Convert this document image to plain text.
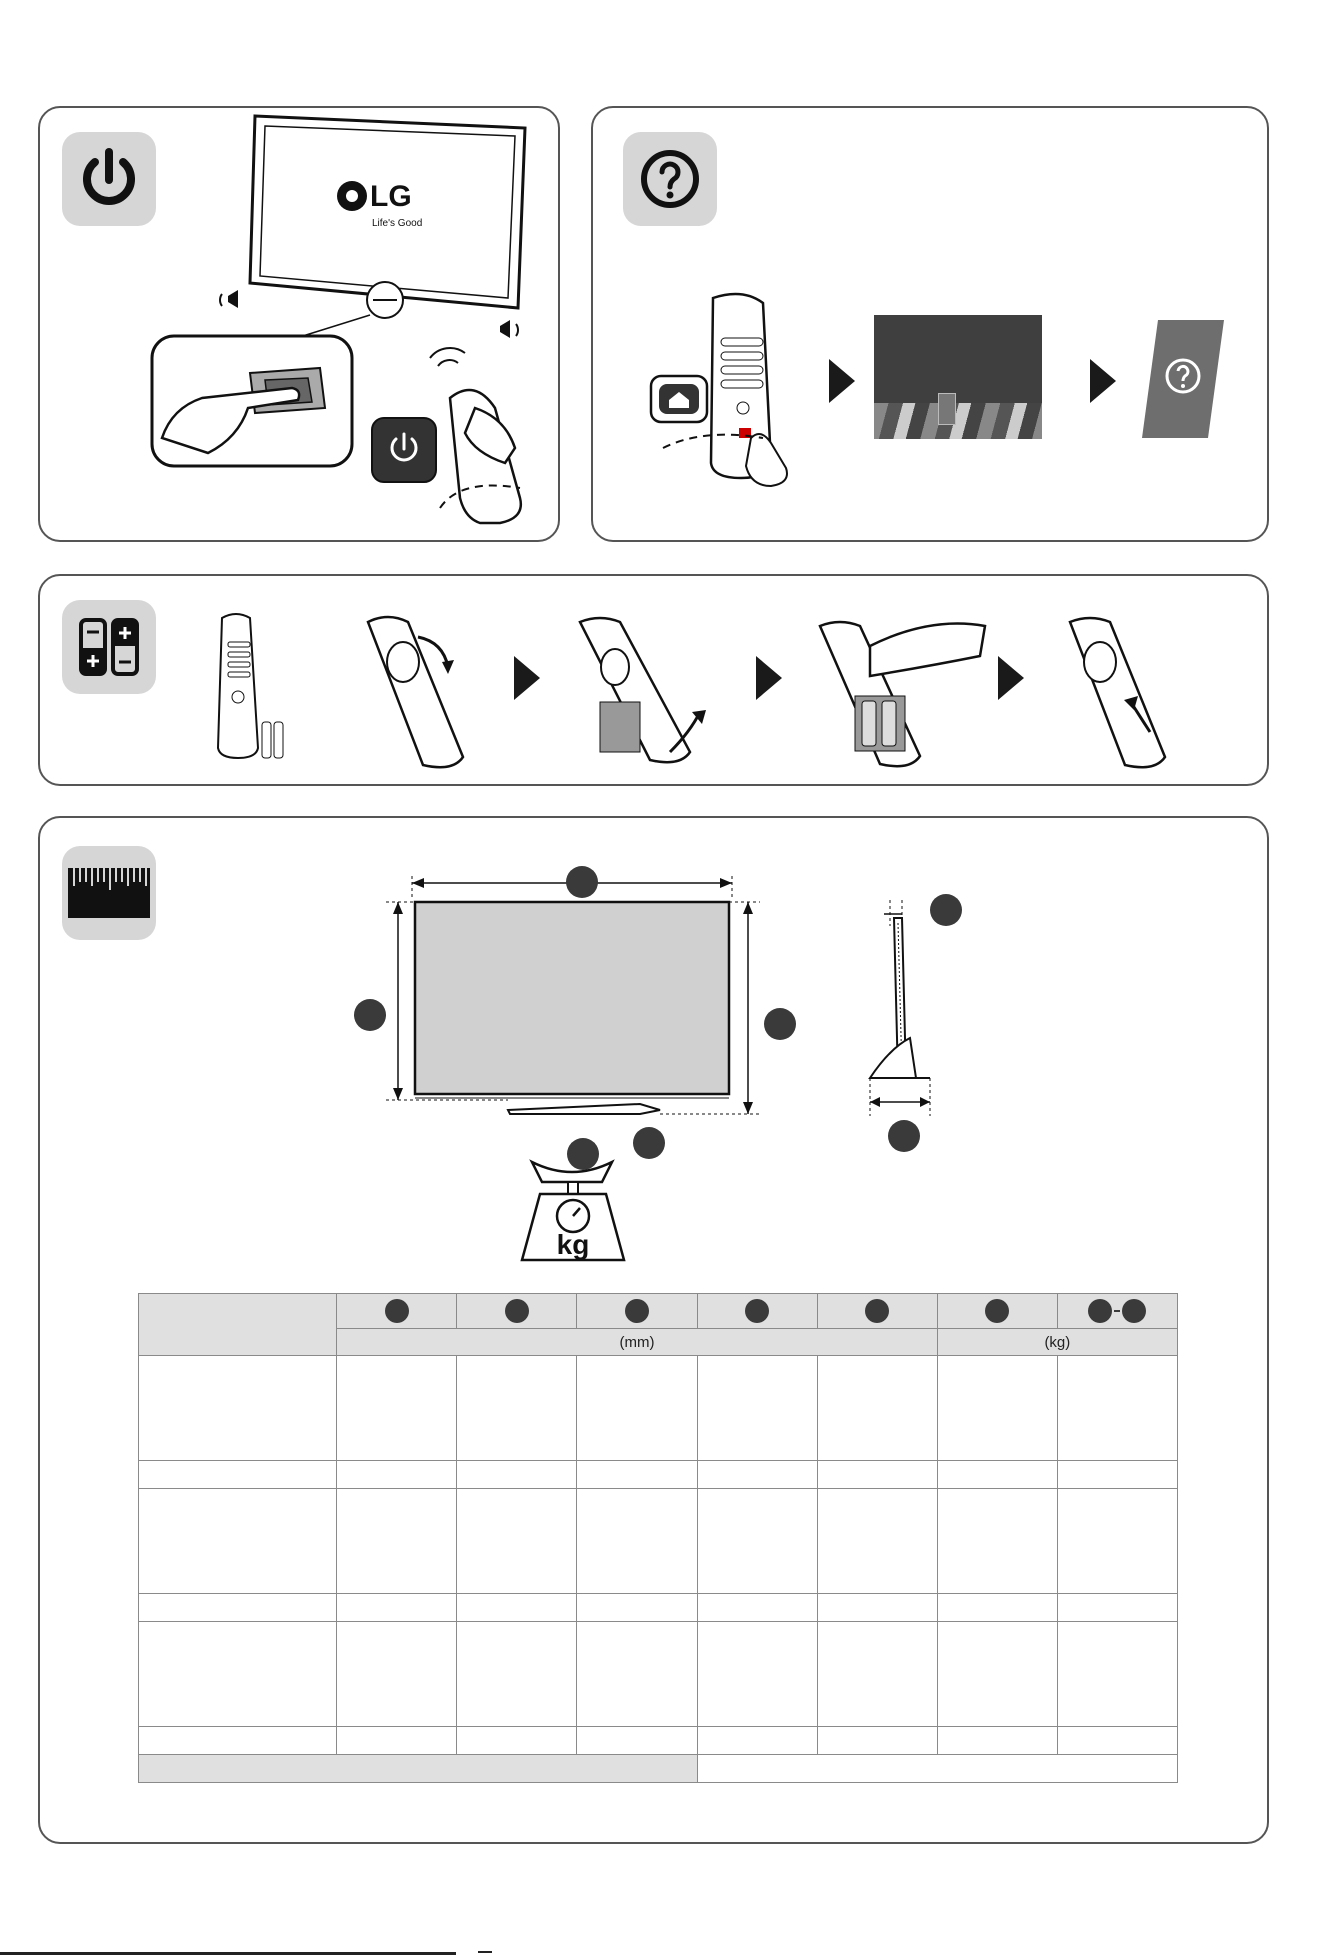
LG
Life's Good
kg

	(mm)					(kg)	
